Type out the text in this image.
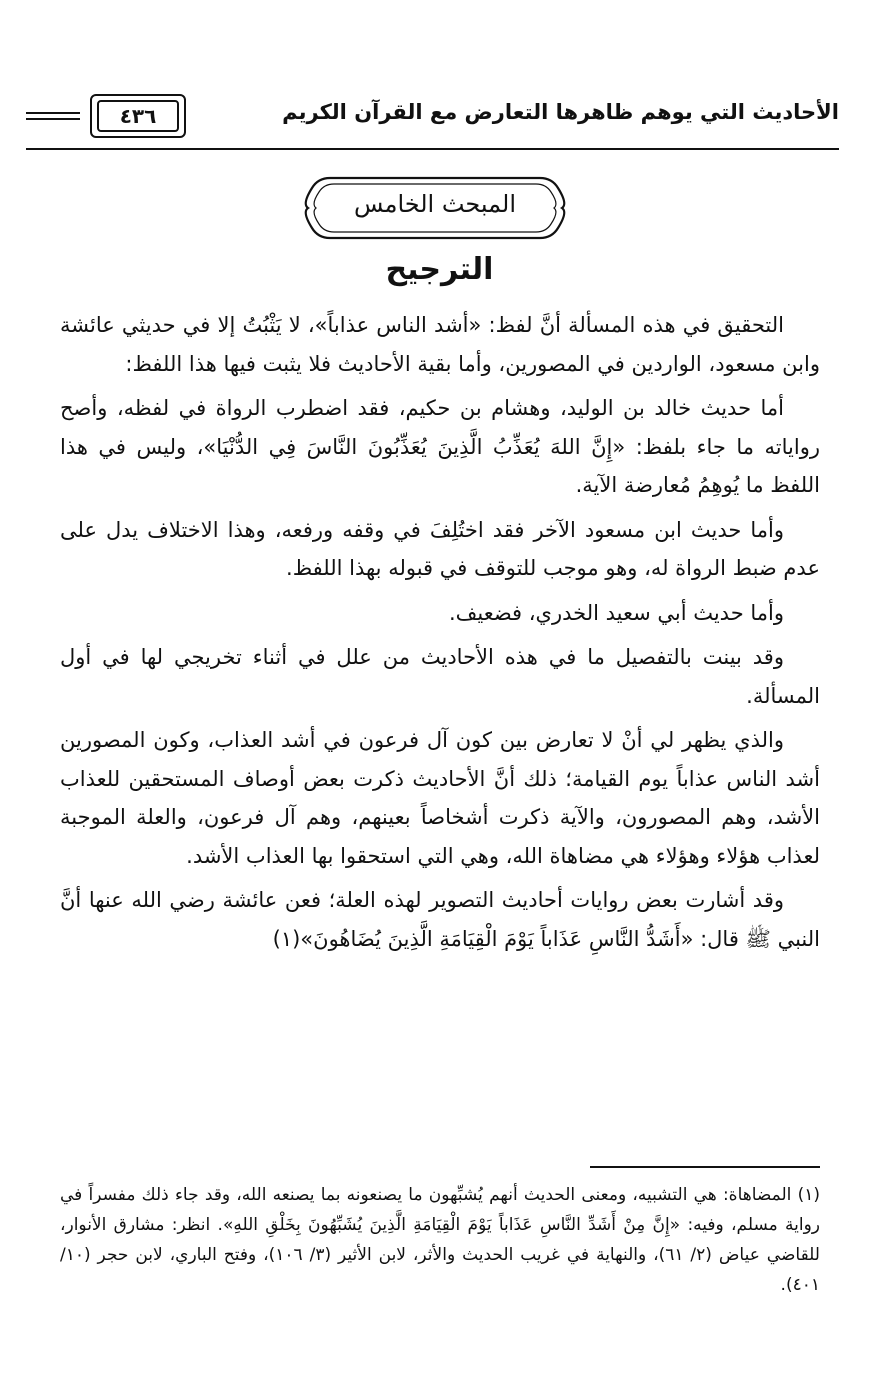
٤٣٦	الأحاديث التي يوهم ظاهرها التعارض مع القرآن الكريم
المبحث الخامس
الترجيح

التحقيق في هذه المسألة أنَّ لفظ: «أشد الناس عذاباً»، لا يَثْبُتُ إلا في حديثي عائشة وابن مسعود، الواردين في المصورين، وأما بقية الأحاديث فلا يثبت فيها هذا اللفظ:

أما حديث خالد بن الوليد، وهشام بن حكيم، فقد اضطرب الرواة في لفظه، وأصح رواياته ما جاء بلفظ: «إِنَّ اللهَ يُعَذِّبُ الَّذِينَ يُعَذِّبُونَ النَّاسَ فِي الدُّنْيَا»، وليس في هذا اللفظ ما يُوهِمُ مُعارضة الآية.

وأما حديث ابن مسعود الآخر فقد اختُلِفَ في وقفه ورفعه، وهذا الاختلاف يدل على عدم ضبط الرواة له، وهو موجب للتوقف في قبوله بهذا اللفظ.

وأما حديث أبي سعيد الخدري، فضعيف.

وقد بينت بالتفصيل ما في هذه الأحاديث من علل في أثناء تخريجي لها في أول المسألة.

والذي يظهر لي أنْ لا تعارض بين كون آل فرعون في أشد العذاب، وكون المصورين أشد الناس عذاباً يوم القيامة؛ ذلك أنَّ الأحاديث ذكرت بعض أوصاف المستحقين للعذاب الأشد، وهم المصورون، والآية ذكرت أشخاصاً بعينهم، وهم آل فرعون، والعلة الموجبة لعذاب هؤلاء وهؤلاء هي مضاهاة الله، وهي التي استحقوا بها العذاب الأشد.

وقد أشارت بعض روايات أحاديث التصوير لهذه العلة؛ فعن عائشة رضي الله عنها أنَّ النبي ﷺ قال: «أَشَدُّ النَّاسِ عَذَاباً يَوْمَ الْقِيَامَةِ الَّذِينَ يُضَاهُونَ»(١)

(١) المضاهاة: هي التشبيه، ومعنى الحديث أنهم يُشبِّهون ما يصنعونه بما يصنعه الله، وقد جاء ذلك مفسراً في رواية مسلم، وفيه: «إِنَّ مِنْ أَشَدِّ النَّاسِ عَذَاباً يَوْمَ الْقِيَامَةِ الَّذِينَ يُشَبِّهُونَ بِخَلْقِ اللهِ». انظر: مشارق الأنوار، للقاضي عياض (٢/ ٦١)، والنهاية في غريب الحديث والأثر، لابن الأثير (٣/ ١٠٦)، وفتح الباري، لابن حجر (١٠/ ٤٠١).
